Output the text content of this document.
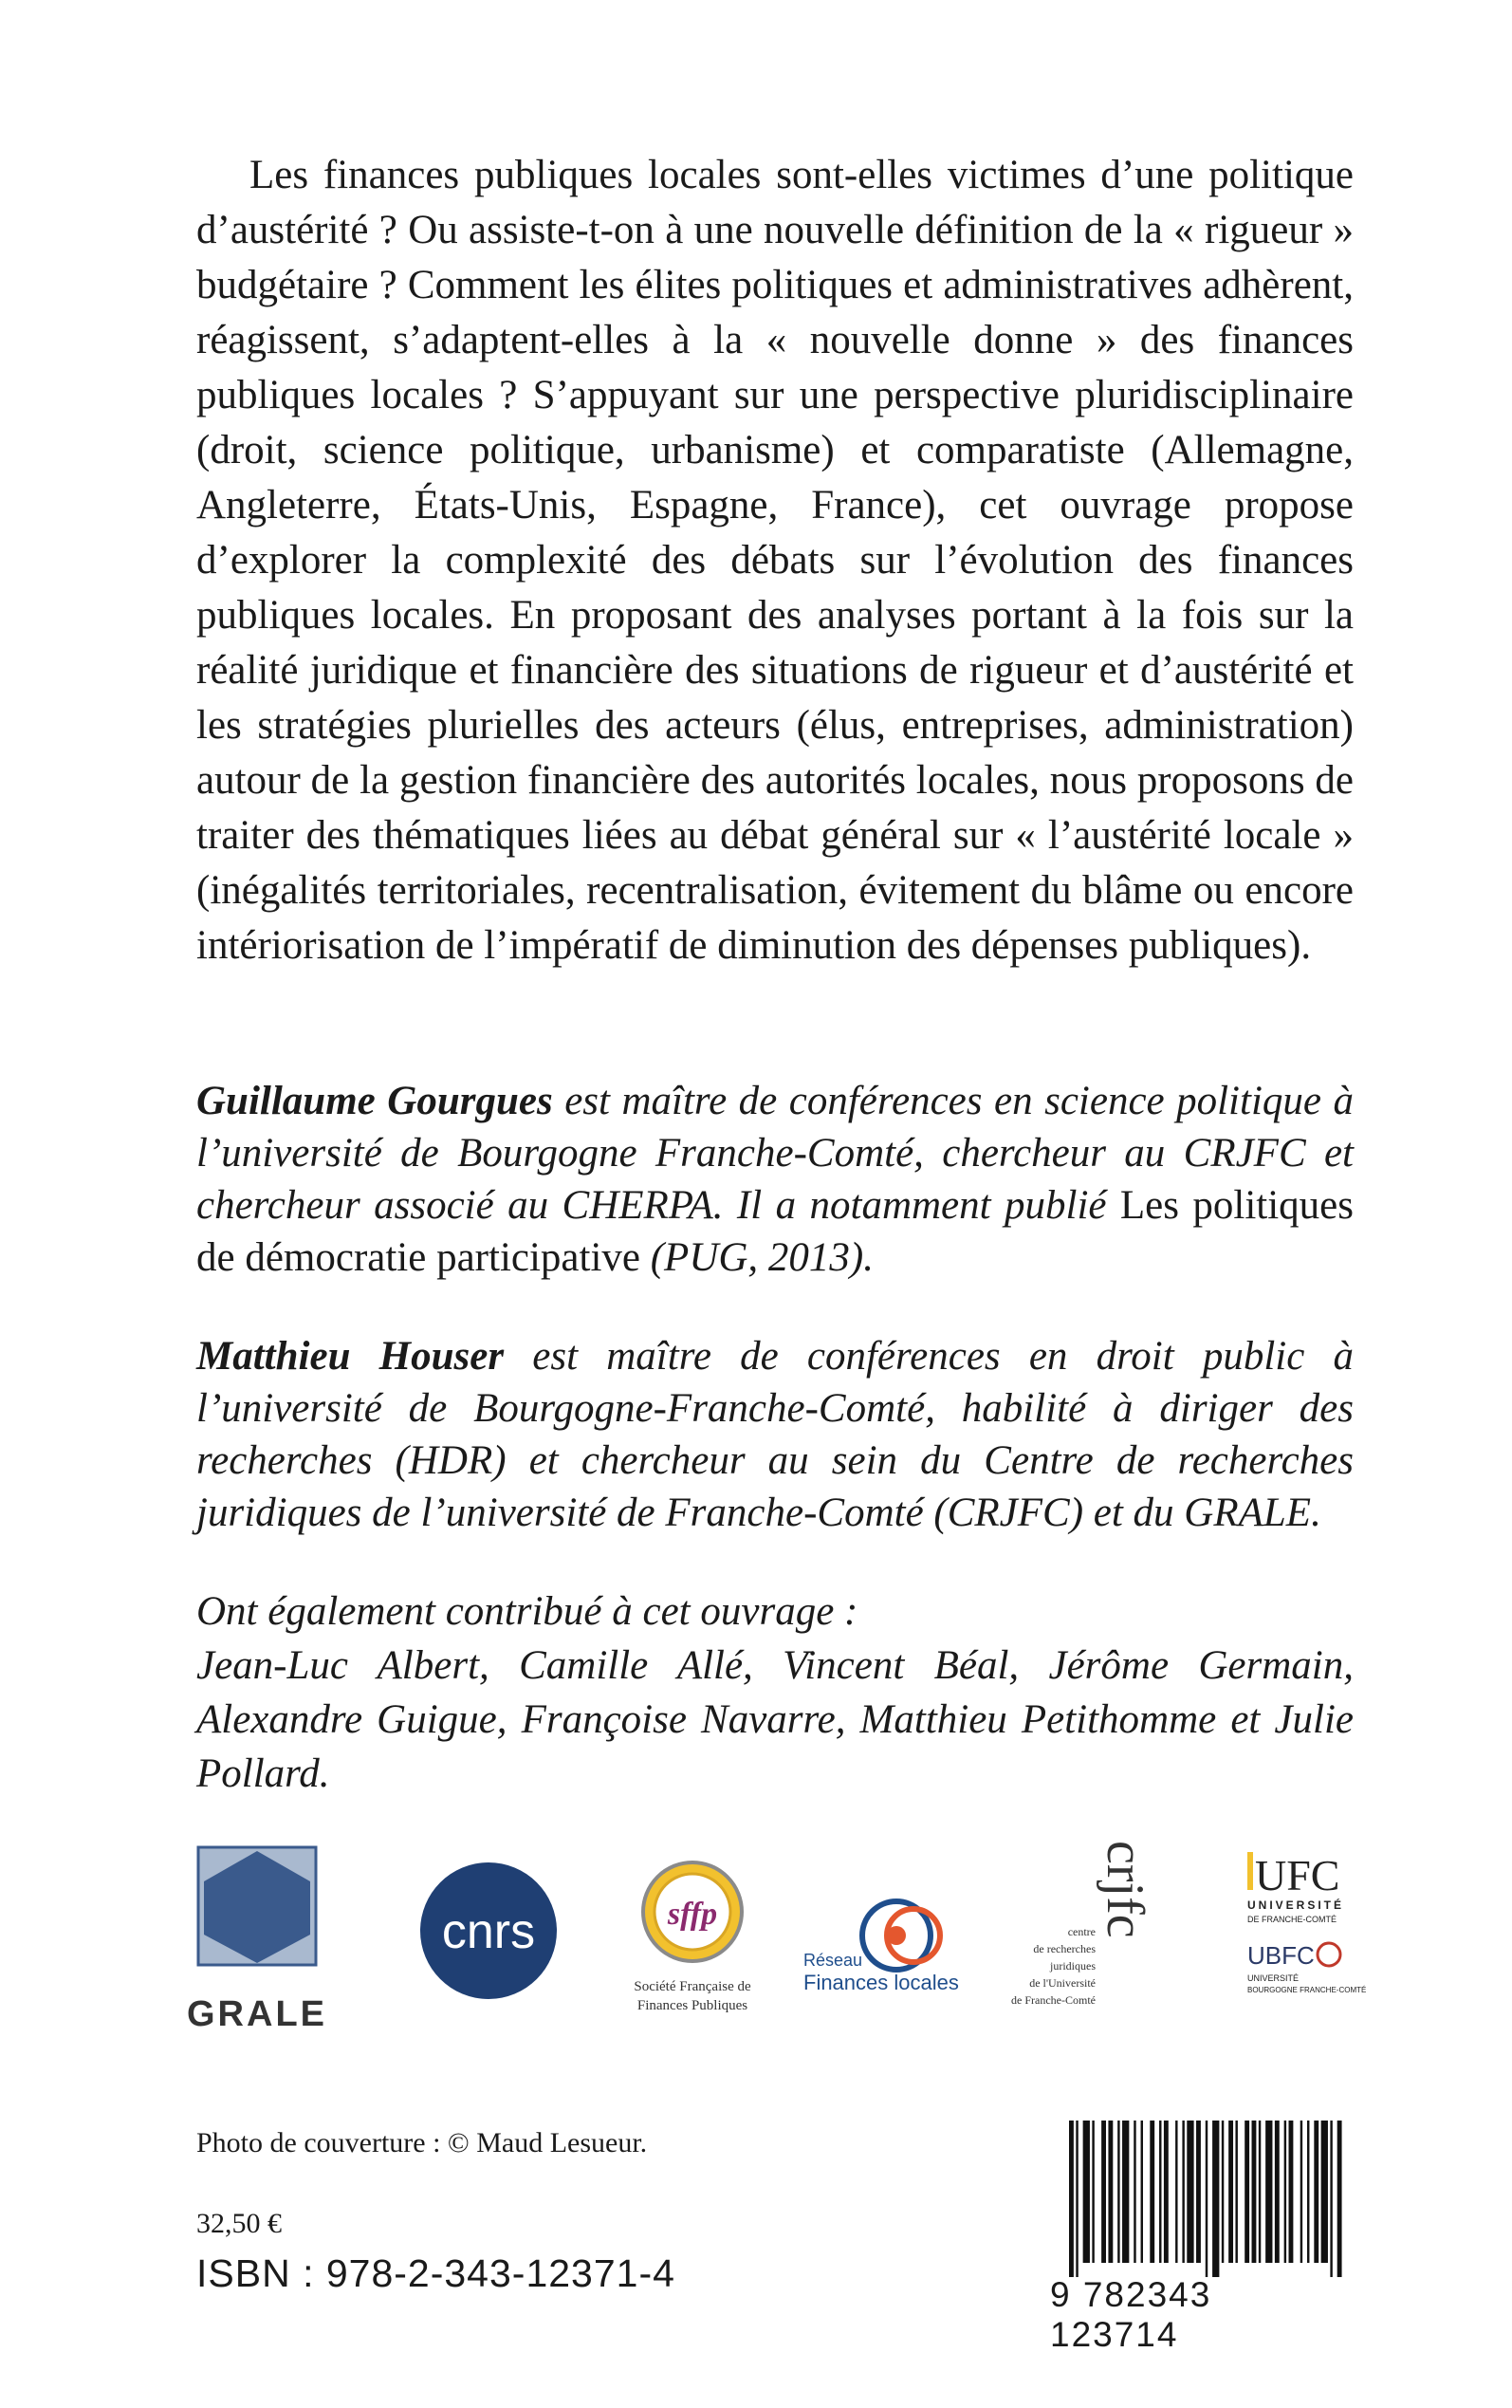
Les finances publiques locales sont-elles victimes d’une politique d’austérité ? Ou assiste-t-on à une nouvelle définition de la « rigueur » budgétaire ? Comment les élites politiques et administratives adhèrent, réagissent, s’adaptent-elles à la « nouvelle donne » des finances publiques locales ? S’appuyant sur une perspective pluridisciplinaire (droit, science politique, urbanisme) et comparatiste (Allemagne, Angleterre, États-Unis, Espagne, France), cet ouvrage propose d’explorer la complexité des débats sur l’évolution des finances publiques locales. En proposant des analyses portant à la fois sur la réalité juridique et financière des situations de rigueur et d’austérité et les stratégies plurielles des acteurs (élus, entreprises, administration) autour de la gestion financière des autorités locales, nous proposons de traiter des thématiques liées au débat général sur « l’austérité locale » (inégalités territoriales, recentralisation, évitement du blâme ou encore intériorisation de l’impératif de diminution des dépenses publiques).

Guillaume Gourgues est maître de conférences en science politique à l’université de Bourgogne Franche-Comté, chercheur au CRJFC et chercheur associé au CHERPA. Il a notamment publié Les politiques de démocratie participative (PUG, 2013).

Matthieu Houser est maître de conférences en droit public à l’université de Bourgogne-Franche-Comté, habilité à diriger des recherches (HDR) et chercheur au sein du Centre de recherches juridiques de l’université de Franche-Comté (CRJFC) et du GRALE.

Ont également contribué à cet ouvrage :
Jean-Luc Albert, Camille Allé, Vincent Béal, Jérôme Germain, Alexandre Guigue, Françoise Navarre, Matthieu Petithomme et Julie Pollard.

GRALE
cnrs	sffp
Société Française de
Finances Publiques
Réseau
Finances locales
crjfc
centre
de recherches
juridiques
de l'Université
de Franche-Comté
UFC
UNIVERSITÉ
DE FRANCHE-COMTÉ
UBFC
UNIVERSITÉ
BOURGOGNE FRANCHE-COMTÉ
Photo de couverture : © Maud Lesueur.
32,50 €
ISBN : 978-2-343-12371-4	9 782343 123714
